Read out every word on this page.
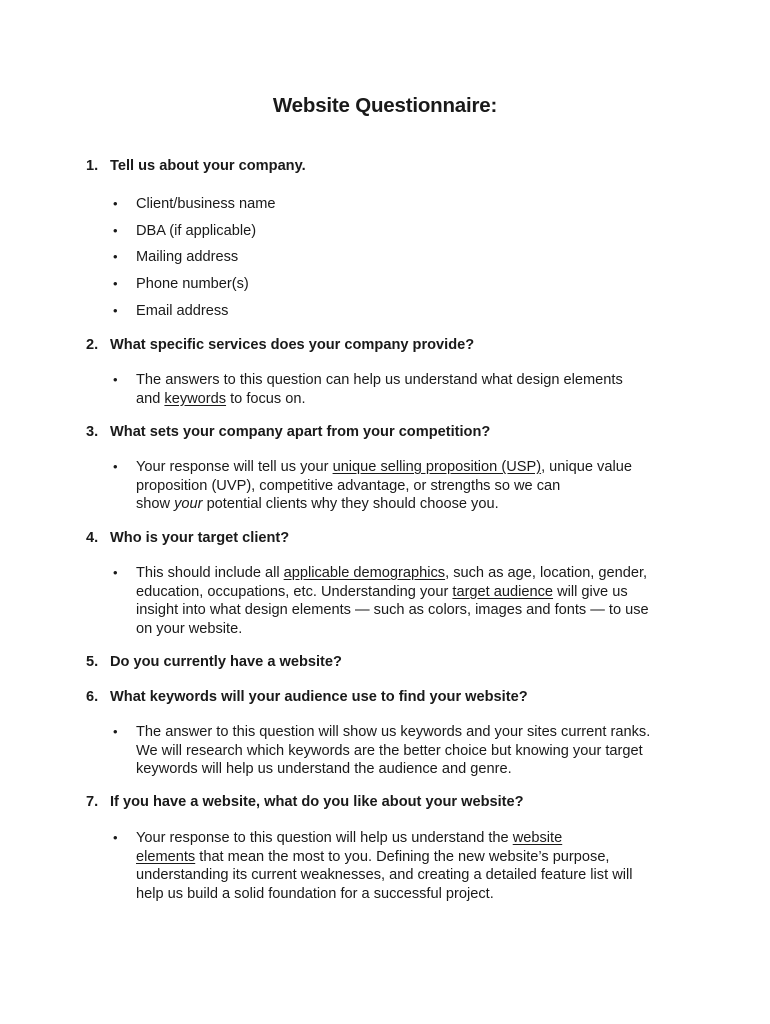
Website Questionnaire:
1. Tell us about your company.
• Client/business name
• DBA (if applicable)
• Mailing address
• Phone number(s)
• Email address
2. What specific services does your company provide?
• The answers to this question can help us understand what design elements
and keywords to focus on.
3. What sets your company apart from your competition?
• Your response will tell us your unique selling proposition (USP), unique value
proposition (UVP), competitive advantage, or strengths so we can
show your potential clients why they should choose you.
4. Who is your target client?
• This should include all applicable demographics, such as age, location, gender,
education, occupations, etc. Understanding your target audience will give us
insight into what design elements — such as colors, images and fonts — to use
on your website.
5. Do you currently have a website?
6. What keywords will your audience use to find your website?
• The answer to this question will show us keywords and your sites current ranks.
We will research which keywords are the better choice but knowing your target
keywords will help us understand the audience and genre.
7. If you have a website, what do you like about your website?
• Your response to this question will help us understand the website
elements that mean the most to you. Defining the new website’s purpose,
understanding its current weaknesses, and creating a detailed feature list will
help us build a solid foundation for a successful project.
